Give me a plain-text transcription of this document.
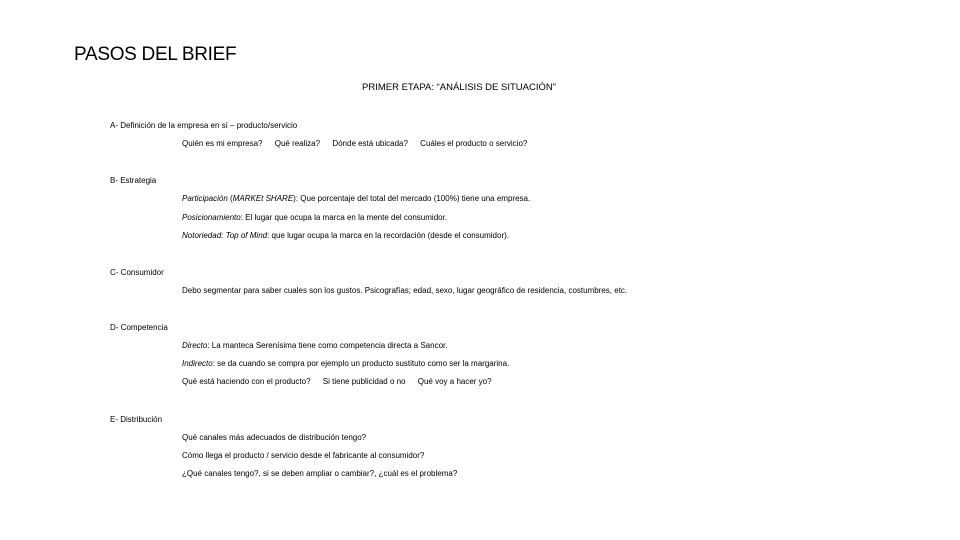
PASOS DEL BRIEF
PRIMER ETAPA: “ANÁLISIS DE SITUACIÓN”
A- Definición de la empresa en sí – producto/servicio
Quién es mi empresa? Qué realiza? Dónde está ubicada? Cuáles el producto o servicio?
B- Estrategia
Participación (MARKEt SHARE): Que porcentaje del total del mercado (100%) tiene una empresa.
Posicionamiento: El lugar que ocupa la marca en la mente del consumidor.
Notoriedad: Top of Mind: que lugar ocupa la marca en la recordación (desde el consumidor).
C- Consumidor
Debo segmentar para saber cuales son los gustos. Psicografías; edad, sexo, lugar geográfico de residencia, costumbres, etc.
D- Competencia
Directo: La manteca Serenísima tiene como competencia directa a Sancor.
Indirecto: se da cuando se compra por ejemplo un producto sustituto como ser la margarina.
Qué está haciendo con el producto? Si tiene publicidad o no Qué voy a hacer yo?
E- Distribución
Qué canales más adecuados de distribución tengo?
Cómo llega el producto / servicio desde el fabricante al consumidor?
¿Qué canales tengo?, si se deben ampliar o cambiar?, ¿cuál es el problema?
